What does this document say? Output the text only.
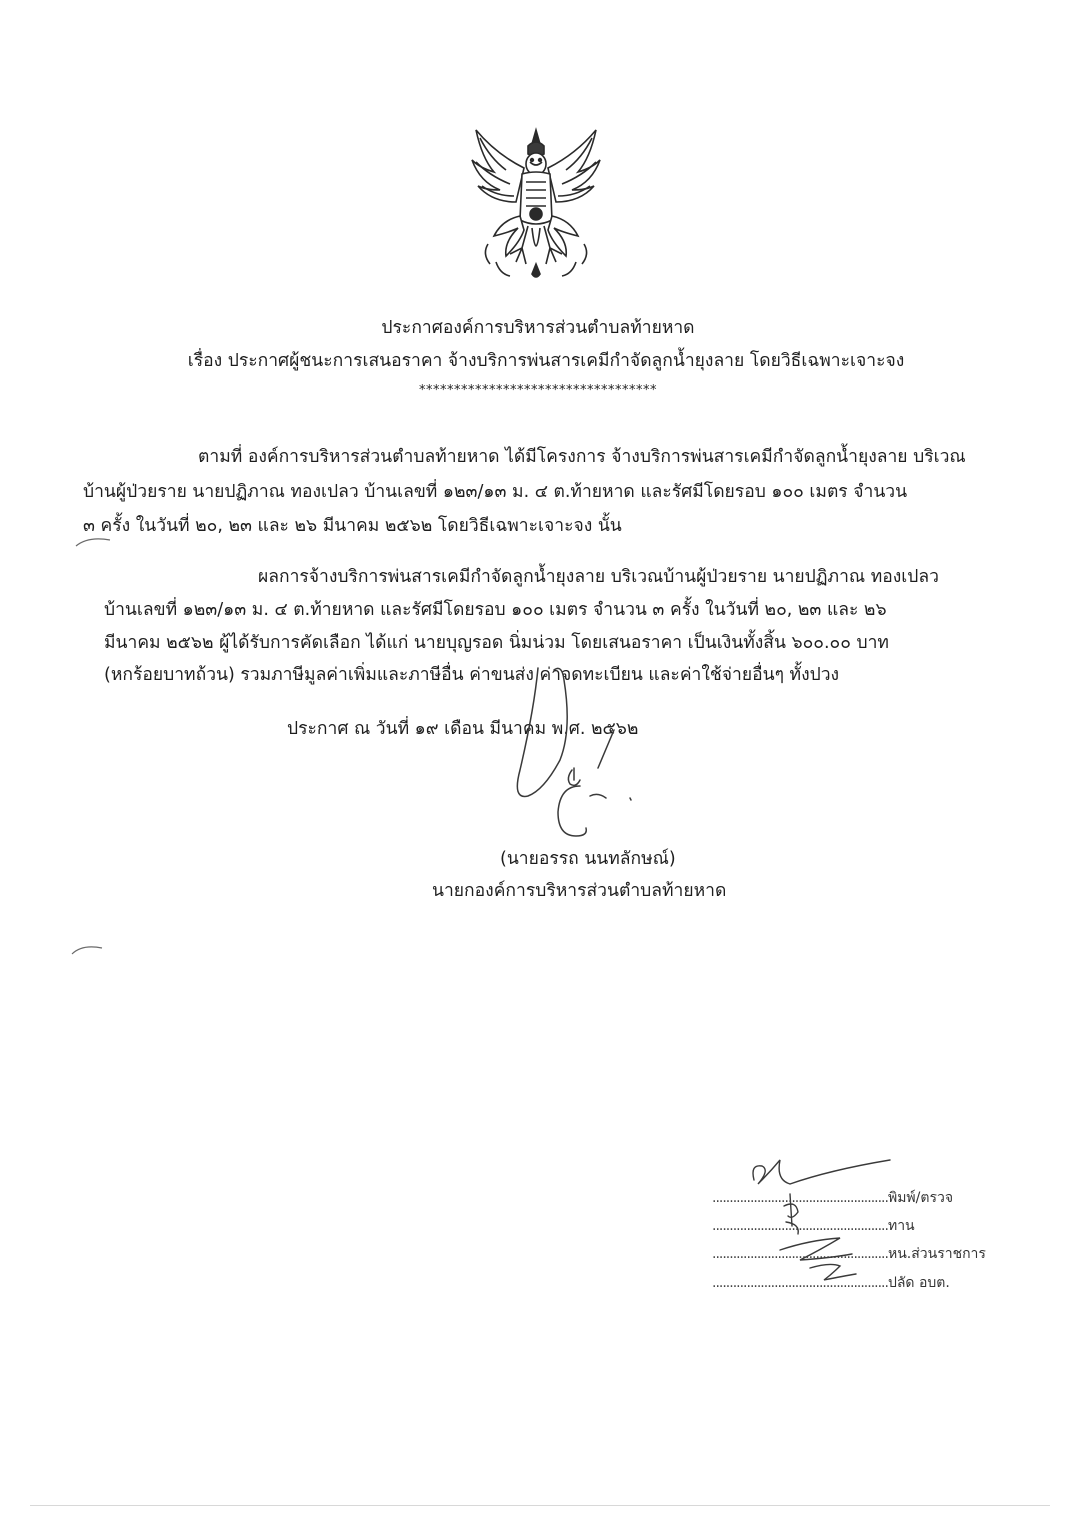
ประกาศองค์การบริหารส่วนตำบลท้ายหาด
เรื่อง ประกาศผู้ชนะการเสนอราคา จ้างบริการพ่นสารเคมีกำจัดลูกน้ำยุงลาย โดยวิธีเฉพาะเจาะจง
**********************************
ตามที่ องค์การบริหารส่วนตำบลท้ายหาด ได้มีโครงการ จ้างบริการพ่นสารเคมีกำจัดลูกน้ำยุงลาย บริเวณ
บ้านผู้ป่วยราย นายปฏิภาณ ทองเปลว บ้านเลขที่ ๑๒๓/๑๓ ม. ๔ ต.ท้ายหาด และรัศมีโดยรอบ ๑๐๐ เมตร จำนวน
๓ ครั้ง ในวันที่ ๒๐, ๒๓ และ ๒๖ มีนาคม ๒๕๖๒ โดยวิธีเฉพาะเจาะจง นั้น
ผลการจ้างบริการพ่นสารเคมีกำจัดลูกน้ำยุงลาย บริเวณบ้านผู้ป่วยราย นายปฏิภาณ ทองเปลว
บ้านเลขที่ ๑๒๓/๑๓ ม. ๔ ต.ท้ายหาด และรัศมีโดยรอบ ๑๐๐ เมตร จำนวน ๓ ครั้ง ในวันที่ ๒๐, ๒๓ และ ๒๖
มีนาคม ๒๕๖๒ ผู้ได้รับการคัดเลือก ได้แก่ นายบุญรอด นิ่มน่วม โดยเสนอราคา เป็นเงินทั้งสิ้น ๖๐๐.๐๐ บาท
(หกร้อยบาทถ้วน) รวมภาษีมูลค่าเพิ่มและภาษีอื่น ค่าขนส่ง ค่าจดทะเบียน และค่าใช้จ่ายอื่นๆ ทั้งปวง
ประกาศ ณ วันที่ ๑๙ เดือน มีนาคม พ.ศ. ๒๕๖๒
(นายอรรถ นนทลักษณ์)
นายกองค์การบริหารส่วนตำบลท้ายหาด
...................................................พิมพ์/ตรวจ
...................................................ทาน
...................................................หน.ส่วนราชการ
...................................................ปลัด อบต.
